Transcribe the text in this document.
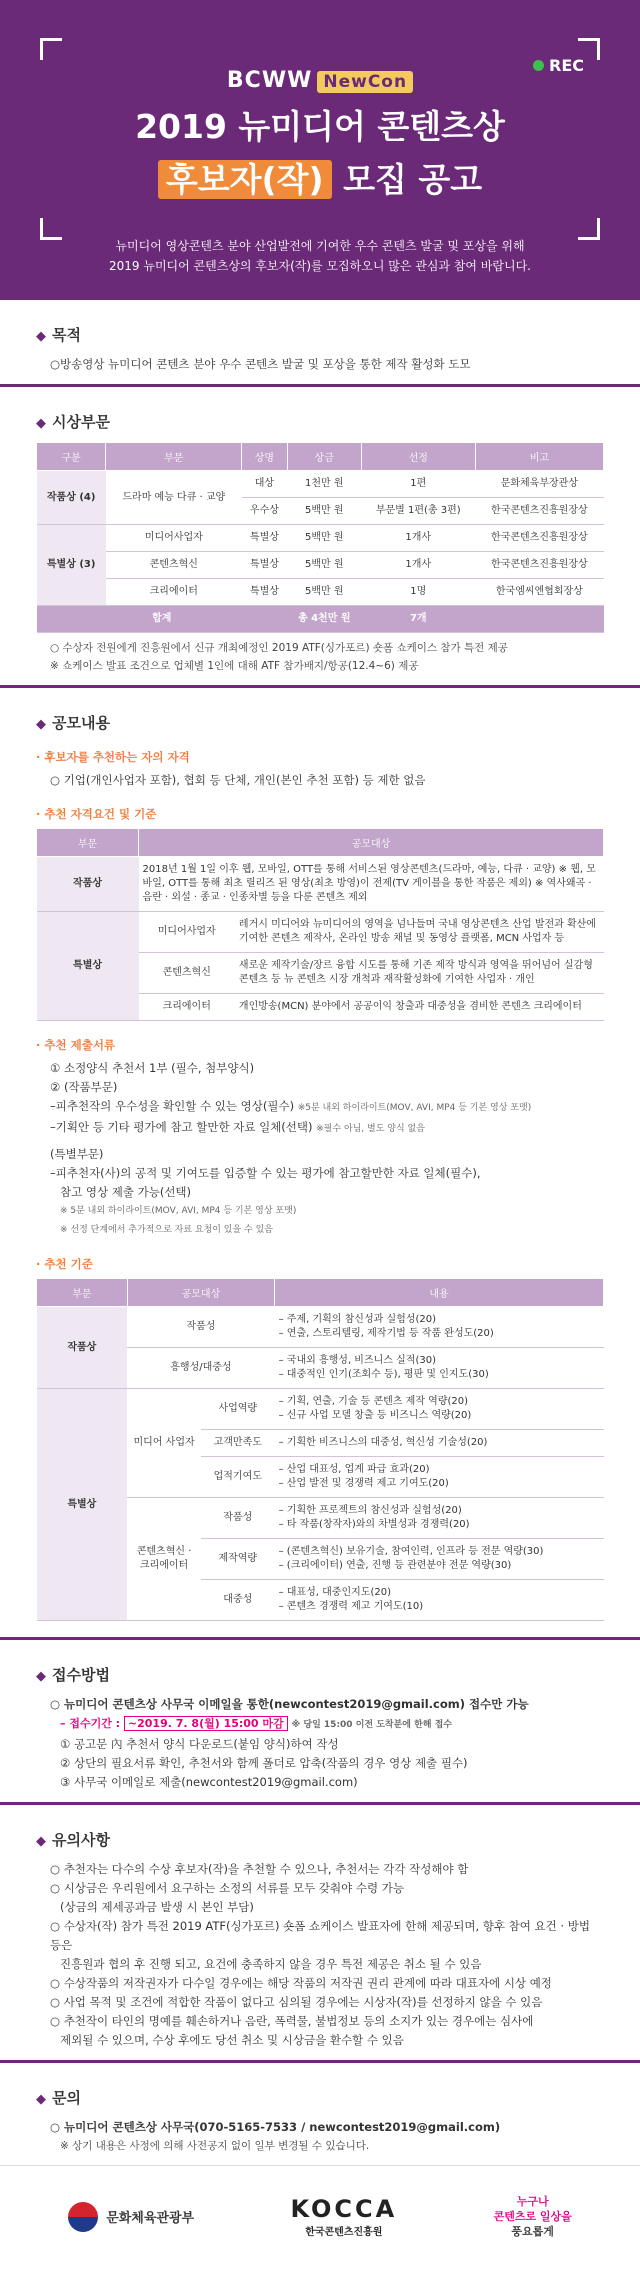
REC
BCWW NewCon
2019 뉴미디어 콘텐츠상
후보자(작) 모집 공고
뉴미디어 영상콘텐츠 분야 산업발전에 기여한 우수 콘텐츠 발굴 및 포상을 위해
2019 뉴미디어 콘텐츠상의 후보자(작)를 모집하오니 많은 관심과 참여 바랍니다.
◆ 목적
○방송영상 뉴미디어 콘텐츠 분야 우수 콘텐츠 발굴 및 포상을 통한 제작 활성화 도모
◆ 시상부문
구분	부문	상명	상금	선정	비고
작품상 (4)	드라마 예능 다큐 · 교양	대상	1천만 원	1편	문화체육부장관상
		우수상	5백만 원	부문별 1편(총 3편)	한국콘텐츠진흥원장상
특별상 (3)	미디어사업자	특별상	5백만 원	1개사	한국콘텐츠진흥원장상
	콘텐츠혁신	특별상	5백만 원	1개사	한국콘텐츠진흥원장상
	크리에이터	특별상	5백만 원	1명	한국엠씨엔협회장상
합계			총 4천만 원	7개	
○ 수상자 전원에게 진흥원에서 신규 개최예정인 2019 ATF(싱가포르) 숏폼 쇼케이스 참가 특전 제공
※ 쇼케이스 발표 조건으로 업체별 1인에 대해 ATF 참가배지/항공(12.4~6) 제공
◆ 공모내용
· 후보자를 추천하는 자의 자격
○ 기업(개인사업자 포함), 협회 등 단체, 개인(본인 추천 포함) 등 제한 없음
· 추천 자격요건 및 기준
부문	공모대상	
작품상	2018년 1월 1일 이후 웹, 모바일, OTT를 통해 서비스된 영상콘텐츠(드라마, 예능, 다큐 · 교양) ※ 웹, 모바일, OTT를 통해 최초 릴리즈 된 영상(최초 방영)이 전제(TV 게이블을 통한 작품은 제외) ※ 역사왜곡 · 음란 · 외설 · 종교 · 인종차별 등을 다룬 콘텐츠 제외	
특별상	미디어사업자	레거시 미디어와 뉴미디어의 영역을 넘나들며 국내 영상콘텐츠 산업 발전과 확산에 기여한 콘텐츠 제작사, 온라인 방송 채널 및 동영상 플랫폼, MCN 사업자 등
	콘텐츠혁신	새로운 제작기술/장르 융합 시도를 통해 기존 제작 방식과 영역을 뛰어넘어 실감형 콘텐츠 등 뉴 콘텐츠 시장 개척과 재작활성화에 기여한 사업자 · 개인
	크리에이터	개인방송(MCN) 분야에서 공공이익 창출과 대중성을 겸비한 콘텐츠 크리에이터
· 추천 제출서류
① 소정양식 추천서 1부 (필수, 첨부양식)
② (작품부문)
–피추천작의 우수성을 확인할 수 있는 영상(필수) ※5분 내외 하이라이트(MOV, AVI, MP4 등 기본 영상 포맷)
–기획안 등 기타 평가에 참고 할만한 자료 일체(선택) ※필수 아님, 별도 양식 없음
(특별부문)
–피추천자(사)의 공적 및 기여도를 입증할 수 있는 평가에 참고할만한 자료 일체(필수),
참고 영상 제출 가능(선택)
※ 5분 내외 하이라이트(MOV, AVI, MP4 등 기본 영상 포맷)
※ 선정 단계에서 추가적으로 자료 요청이 있을 수 있음
· 추천 기준
부문	공모대상		내용
작품상	작품성		– 주제, 기획의 참신성과 실험성(20)
– 연출, 스토리텔링, 제작기법 등 작품 완성도(20)
	흥행성/대중성		– 국내외 흥행성, 비즈니스 실적(30)
– 대중적인 인기(조회수 등), 평판 및 인지도(30)
특별상	미디어 사업자	사업역량	– 기획, 연출, 기술 등 콘텐츠 제작 역량(20)
– 신규 사업 모델 창출 등 비즈니스 역량(20)
		고객만족도	– 기획한 비즈니스의 대중성, 혁신성 기술성(20)
		업적기여도	– 산업 대표성, 업계 파급 효과(20)
– 산업 발전 및 경쟁력 제고 기여도(20)
	콘텐츠혁신 · 크리에이터	작품성	– 기획한 프로젝트의 참신성과 실험성(20)
– 타 작품(창작자)와의 차별성과 경쟁력(20)
		제작역량	– (콘텐츠혁신) 보유기술, 참여인력, 인프라 등 전문 역량(30)
– (크리에이터) 연출, 진행 등 관련분야 전문 역량(30)
		대중성	– 대표성, 대중인지도(20)
– 콘텐츠 경쟁력 제고 기여도(10)
◆ 접수방법
○ 뉴미디어 콘텐츠상 사무국 이메일을 통한(newcontest2019@gmail.com) 접수만 가능
– 접수기간 : ~2019. 7. 8(월) 15:00 마감 ※ 당일 15:00 이전 도착분에 한해 접수
① 공고문 內 추천서 양식 다운로드(붙임 양식)하여 작성
② 상단의 필요서류 확인, 추천서와 함께 폴더로 압축(작품의 경우 영상 제출 필수)
③ 사무국 이메일로 제출(newcontest2019@gmail.com)
◆ 유의사항
○ 추천자는 다수의 수상 후보자(작)을 추천할 수 있으나, 추천서는 각각 작성해야 함
○ 시상금은 우리원에서 요구하는 소정의 서류를 모두 갖춰야 수령 가능
(상금의 제세공과금 발생 시 본인 부담)
○ 수상자(작) 참가 특전 2019 ATF(싱가포르) 숏폼 쇼케이스 발표자에 한해 제공되며, 향후 참여 요건 · 방법 등은
진흥원과 협의 후 진행 되고, 요건에 충족하지 않을 경우 특전 제공은 취소 될 수 있음
○ 수상작품의 저작권자가 다수일 경우에는 해당 작품의 저작권 권리 관계에 따라 대표자에 시상 예정
○ 사업 목적 및 조건에 적합한 작품이 없다고 심의될 경우에는 시상자(작)를 선정하지 않을 수 있음
○ 추천작이 타인의 명예를 훼손하거나 음란, 폭력물, 불법정보 등의 소지가 있는 경우에는 심사에
제외될 수 있으며, 수상 후에도 당선 취소 및 시상금을 환수할 수 있음
◆ 문의
○ 뉴미디어 콘텐츠상 사무국(070-5165-7533 / newcontest2019@gmail.com)
※ 상기 내용은 사정에 의해 사전공지 없이 일부 변경될 수 있습니다.
문화체육관광부	KOCCA
한국콘텐츠진흥원
누구나
콘텐츠로 일상을
풍요롭게
